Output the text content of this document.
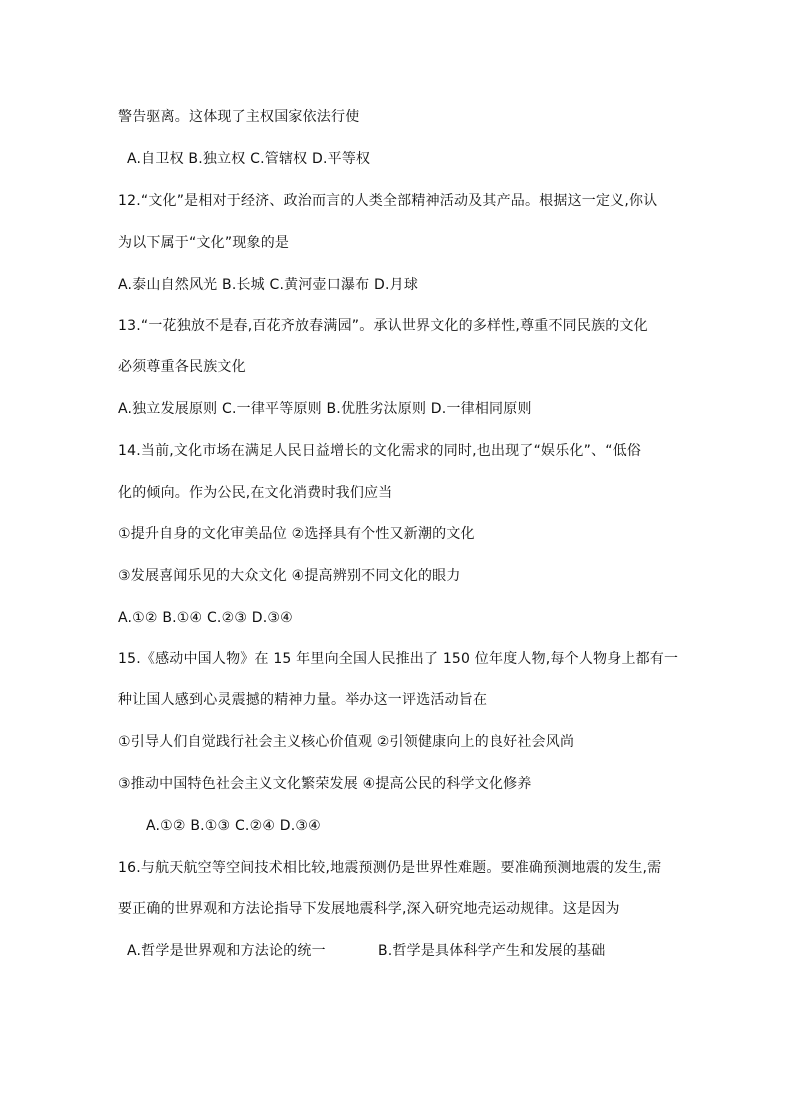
警告驱离。这体现了主权国家依法行使
A.自卫权 B.独立权 C.管辖权 D.平等权
12.“文化”是相对于经济、政治而言的人类全部精神活动及其产品。根据这一定义,你认
为以下属于“文化”现象的是
A.泰山自然风光 B.长城 C.黄河壶口瀑布 D.月球
13.“一花独放不是春,百花齐放春满园”。承认世界文化的多样性,尊重不同民族的文化
必须尊重各民族文化
A.独立发展原则 C.一律平等原则 B.优胜劣汰原则 D.一律相同原则
14.当前,文化市场在满足人民日益增长的文化需求的同时,也出现了“娱乐化”、“低俗
化的倾向。作为公民,在文化消费时我们应当
①提升自身的文化审美品位 ②选择具有个性又新潮的文化
③发展喜闻乐见的大众文化 ④提高辨别不同文化的眼力
A.①② B.①④ C.②③ D.③④
15.《感动中国人物》在 15 年里向全国人民推出了 150 位年度人物,每个人物身上都有一
种让国人感到心灵震撼的精神力量。举办这一评选活动旨在
①引导人们自觉践行社会主义核心价值观 ②引领健康向上的良好社会风尚
③推动中国特色社会主义文化繁荣发展 ④提高公民的科学文化修养
A.①② B.①③ C.②④ D.③④
16.与航天航空等空间技术相比较,地震预测仍是世界性难题。要准确预测地震的发生,需
要正确的世界观和方法论指导下发展地震科学,深入研究地壳运动规律。这是因为
A.哲学是世界观和方法论的统一	B.哲学是具体科学产生和发展的基础
